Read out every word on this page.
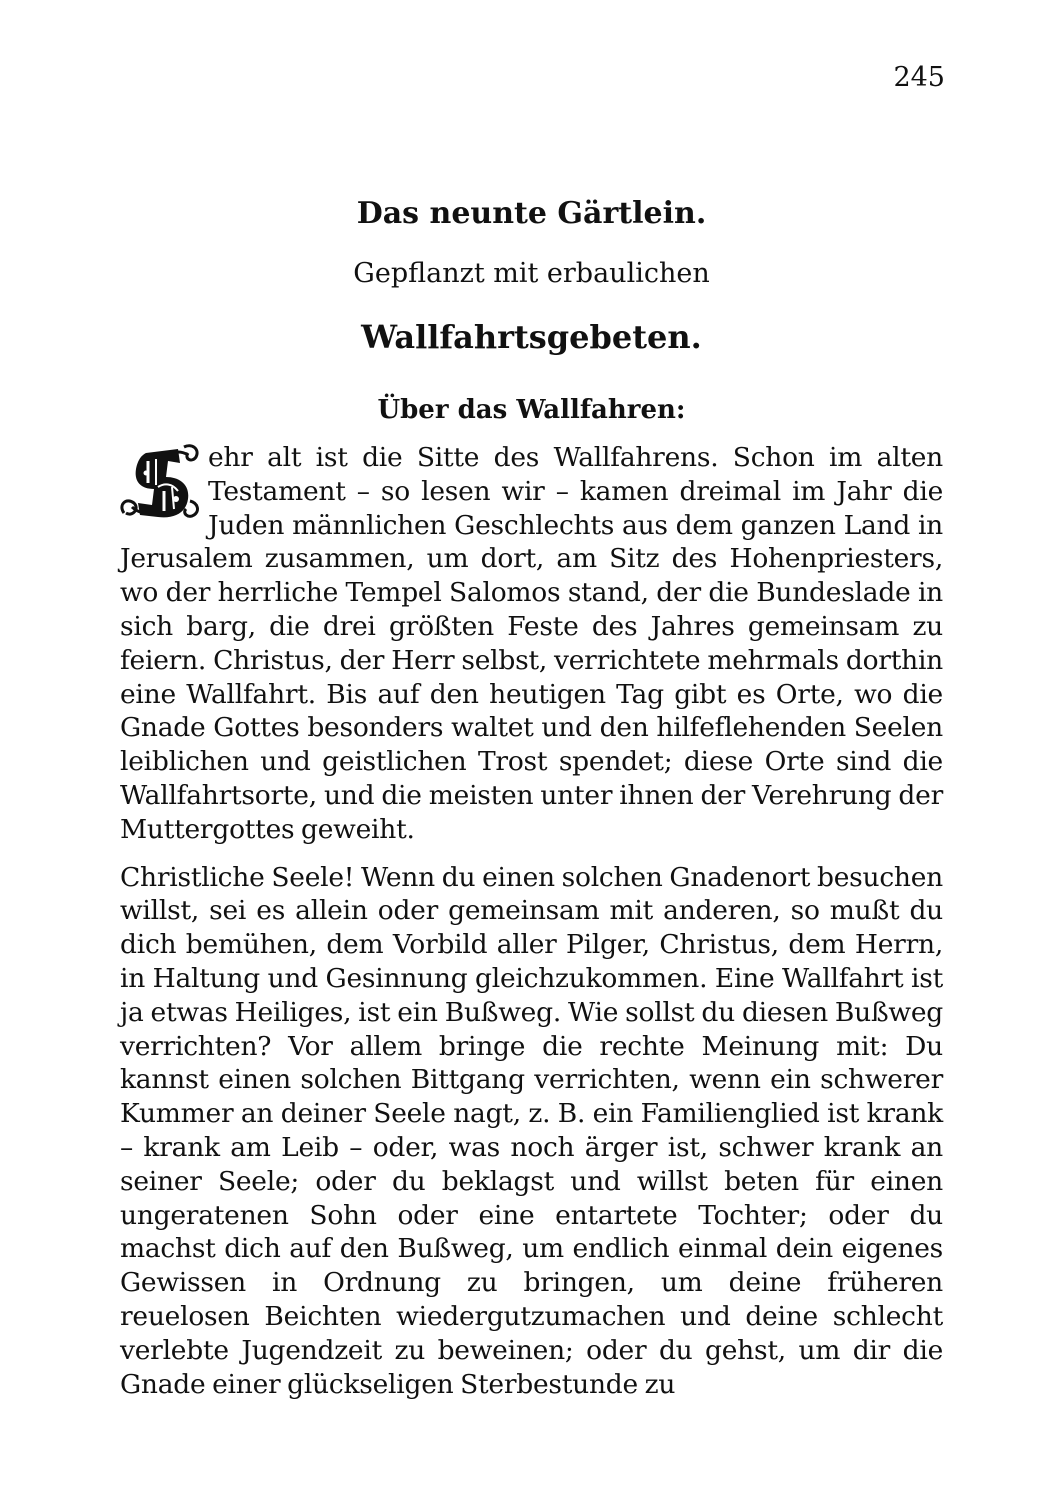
245
Das neunte Gärtlein.
Gepflanzt mit erbaulichen
Wallfahrtsgebeten.
Über das Wallfahren:

ehr alt ist die Sitte des Wallfahrens. Schon im alten Testament – so lesen wir – kamen dreimal im Jahr die Juden männlichen Geschlechts aus dem ganzen Land in Jerusalem zusammen, um dort, am Sitz des Hohenpriesters, wo der herrliche Tempel Salomos stand, der die Bundeslade in sich barg, die drei größten Feste des Jahres gemeinsam zu feiern. Christus, der Herr selbst, verrichtete mehrmals dorthin eine Wallfahrt. Bis auf den heutigen Tag gibt es Orte, wo die Gnade Gottes besonders waltet und den hilfeflehenden Seelen leiblichen und geistlichen Trost spendet; diese Orte sind die Wallfahrtsorte, und die meisten unter ihnen der Verehrung der Muttergottes geweiht.

Christliche Seele! Wenn du einen solchen Gnadenort besuchen willst, sei es allein oder gemeinsam mit anderen, so mußt du dich bemühen, dem Vorbild aller Pilger, Christus, dem Herrn, in Haltung und Gesinnung gleichzukommen. Eine Wallfahrt ist ja etwas Heiliges, ist ein Bußweg. Wie sollst du diesen Bußweg verrichten? Vor allem bringe die rechte Meinung mit: Du kannst einen solchen Bittgang verrichten, wenn ein schwerer Kummer an deiner Seele nagt, z. B. ein Familienglied ist krank – krank am Leib – oder, was noch ärger ist, schwer krank an seiner Seele; oder du beklagst und willst beten für einen ungeratenen Sohn oder eine entartete Tochter; oder du machst dich auf den Bußweg, um endlich einmal dein eigenes Gewissen in Ordnung zu bringen, um deine früheren reuelosen Beichten wiedergutzumachen und deine schlecht verlebte Jugendzeit zu beweinen; oder du gehst, um dir die Gnade einer glückseligen Sterbestunde zu
